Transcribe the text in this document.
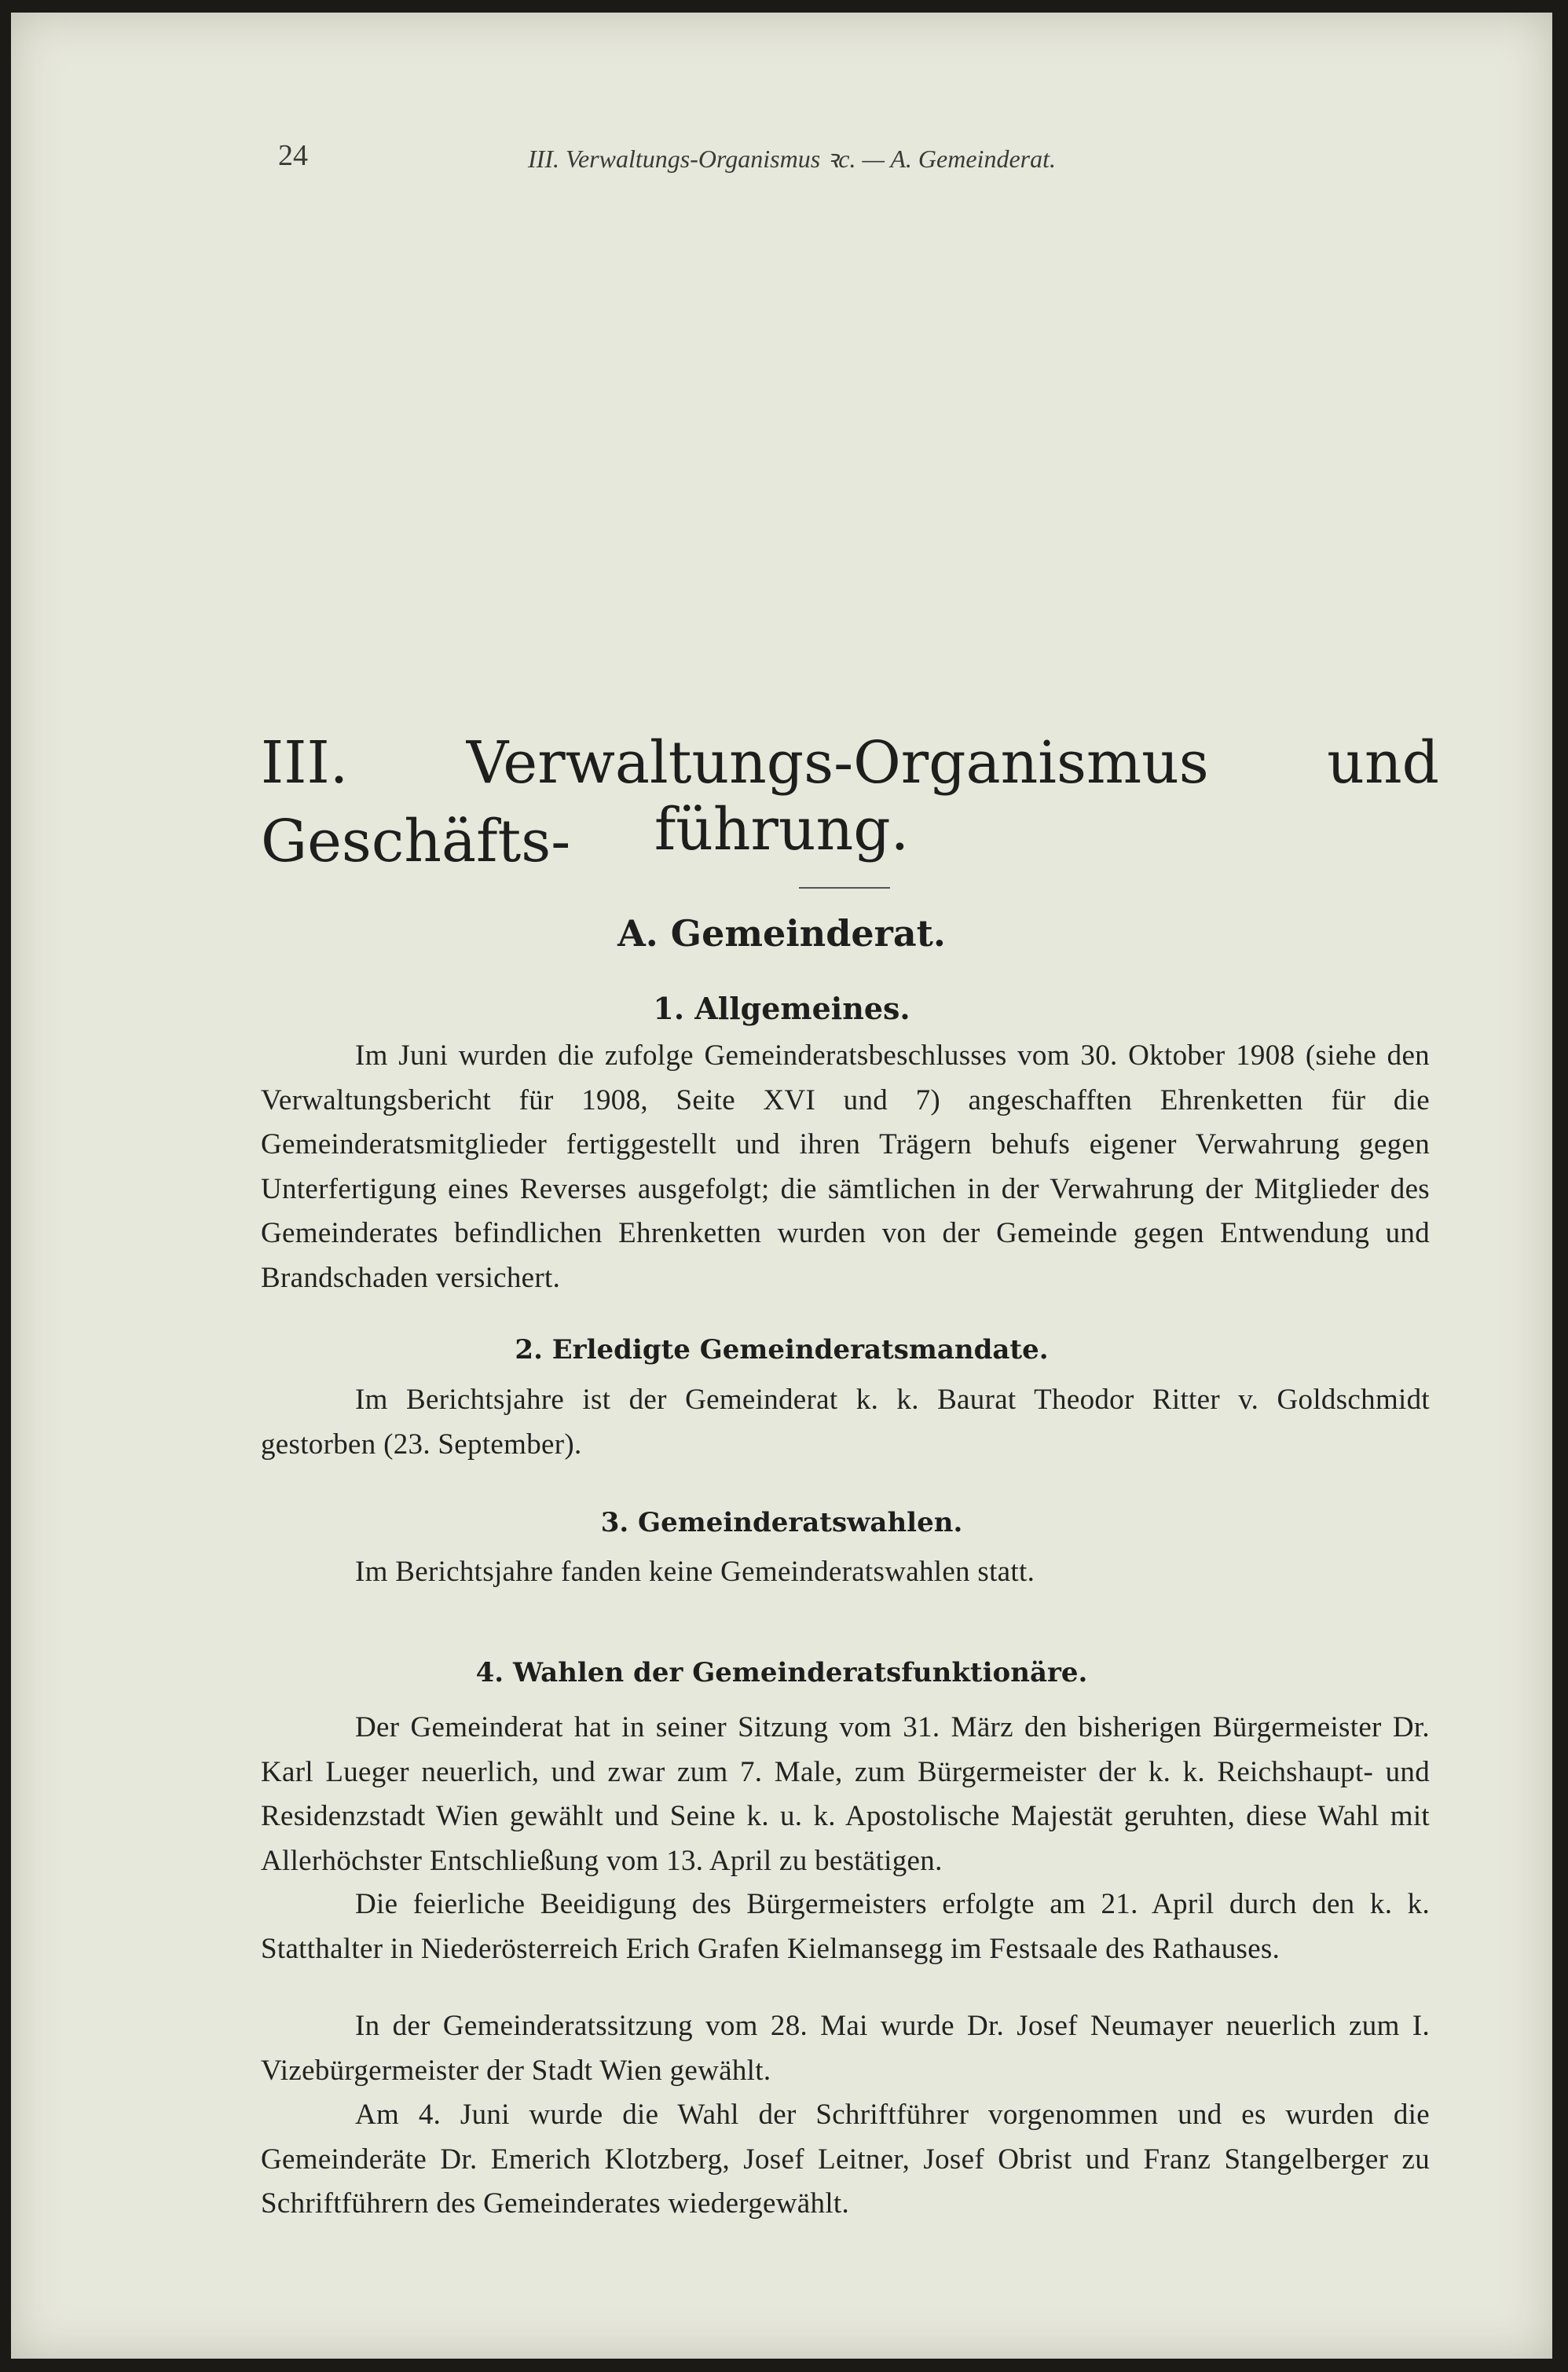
24	III. Verwaltungs-Organismus ꝛc. — A. Gemeinderat.
III. Verwaltungs-Organismus und Geschäfts-	führung.
A. Gemeinderat.
1. Allgemeines.

Im Juni wurden die zufolge Gemeinderatsbeschlusses vom 30. Oktober 1908 (siehe den Verwaltungsbericht für 1908, Seite XVI und 7) angeschafften Ehrenketten für die Gemeinderatsmitglieder fertiggestellt und ihren Trägern behufs eigener Verwahrung gegen Unterfertigung eines Reverses ausgefolgt; die sämtlichen in der Verwahrung der Mitglieder des Gemeinderates befindlichen Ehrenketten wurden von der Gemeinde gegen Entwendung und Brandschaden versichert.

2. Erledigte Gemeinderatsmandate.

Im Berichtsjahre ist der Gemeinderat k. k. Baurat Theodor Ritter v. Goldschmidt gestorben (23. September).

3. Gemeinderatswahlen.

Im Berichtsjahre fanden keine Gemeinderatswahlen statt.

4. Wahlen der Gemeinderatsfunktionäre.

Der Gemeinderat hat in seiner Sitzung vom 31. März den bisherigen Bürgermeister Dr. Karl Lueger neuerlich, und zwar zum 7. Male, zum Bürgermeister der k. k. Reichshaupt- und Residenzstadt Wien gewählt und Seine k. u. k. Apostolische Majestät geruhten, diese Wahl mit Allerhöchster Entschließung vom 13. April zu bestätigen.

Die feierliche Beeidigung des Bürgermeisters erfolgte am 21. April durch den k. k. Statthalter in Niederösterreich Erich Grafen Kielmansegg im Festsaale des Rathauses.

In der Gemeinderatssitzung vom 28. Mai wurde Dr. Josef Neumayer neuerlich zum I. Vizebürgermeister der Stadt Wien gewählt.

Am 4. Juni wurde die Wahl der Schriftführer vorgenommen und es wurden die Gemeinderäte Dr. Emerich Klotzberg, Josef Leitner, Josef Obrist und Franz Stangelberger zu Schriftführern des Gemeinderates wiedergewählt.
